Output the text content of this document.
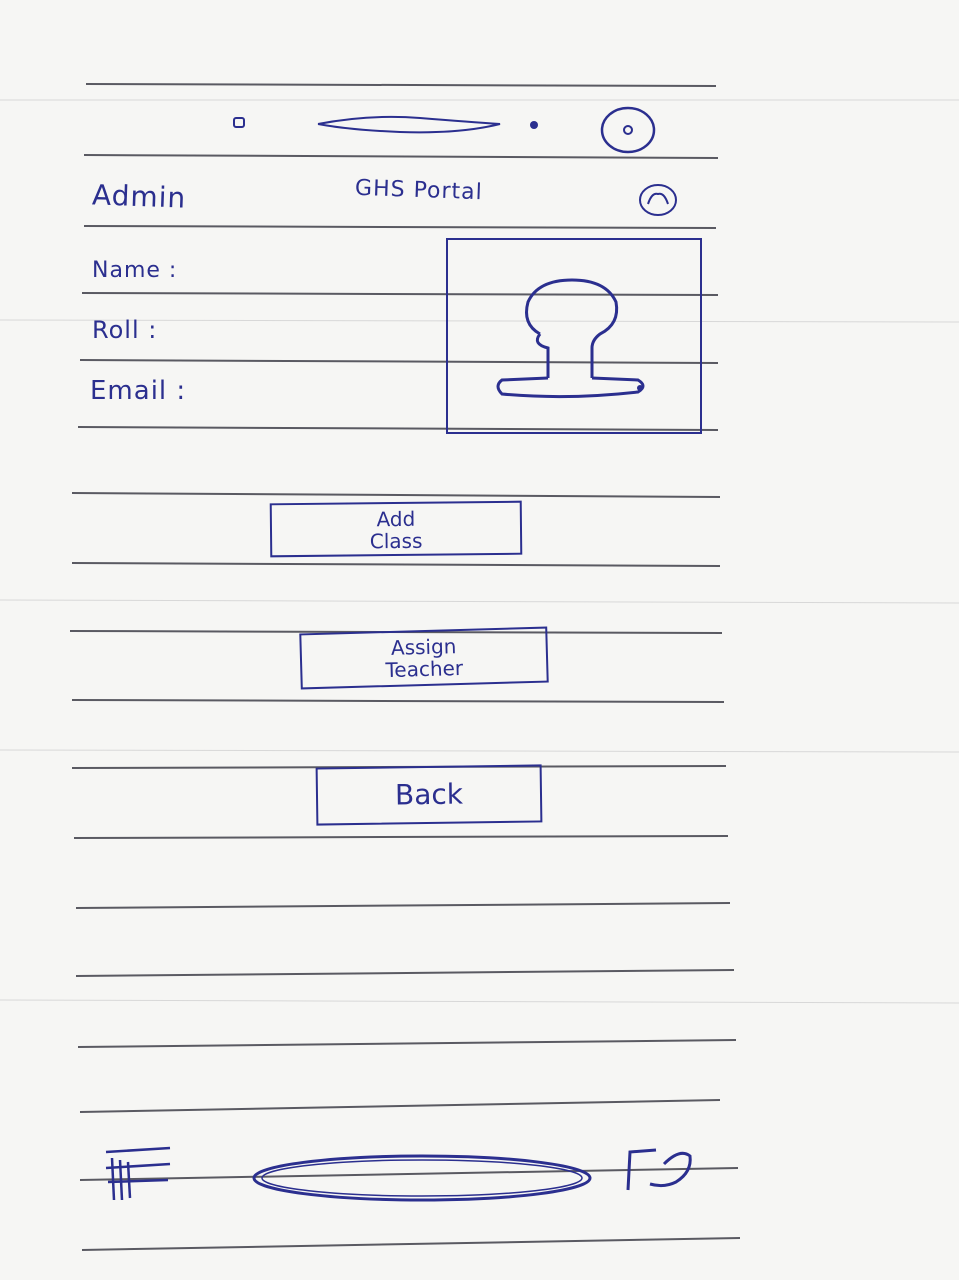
Admin	GHS Portal
Name :
Roll :
Email :
Add
Class
Assign
Teacher
Back
